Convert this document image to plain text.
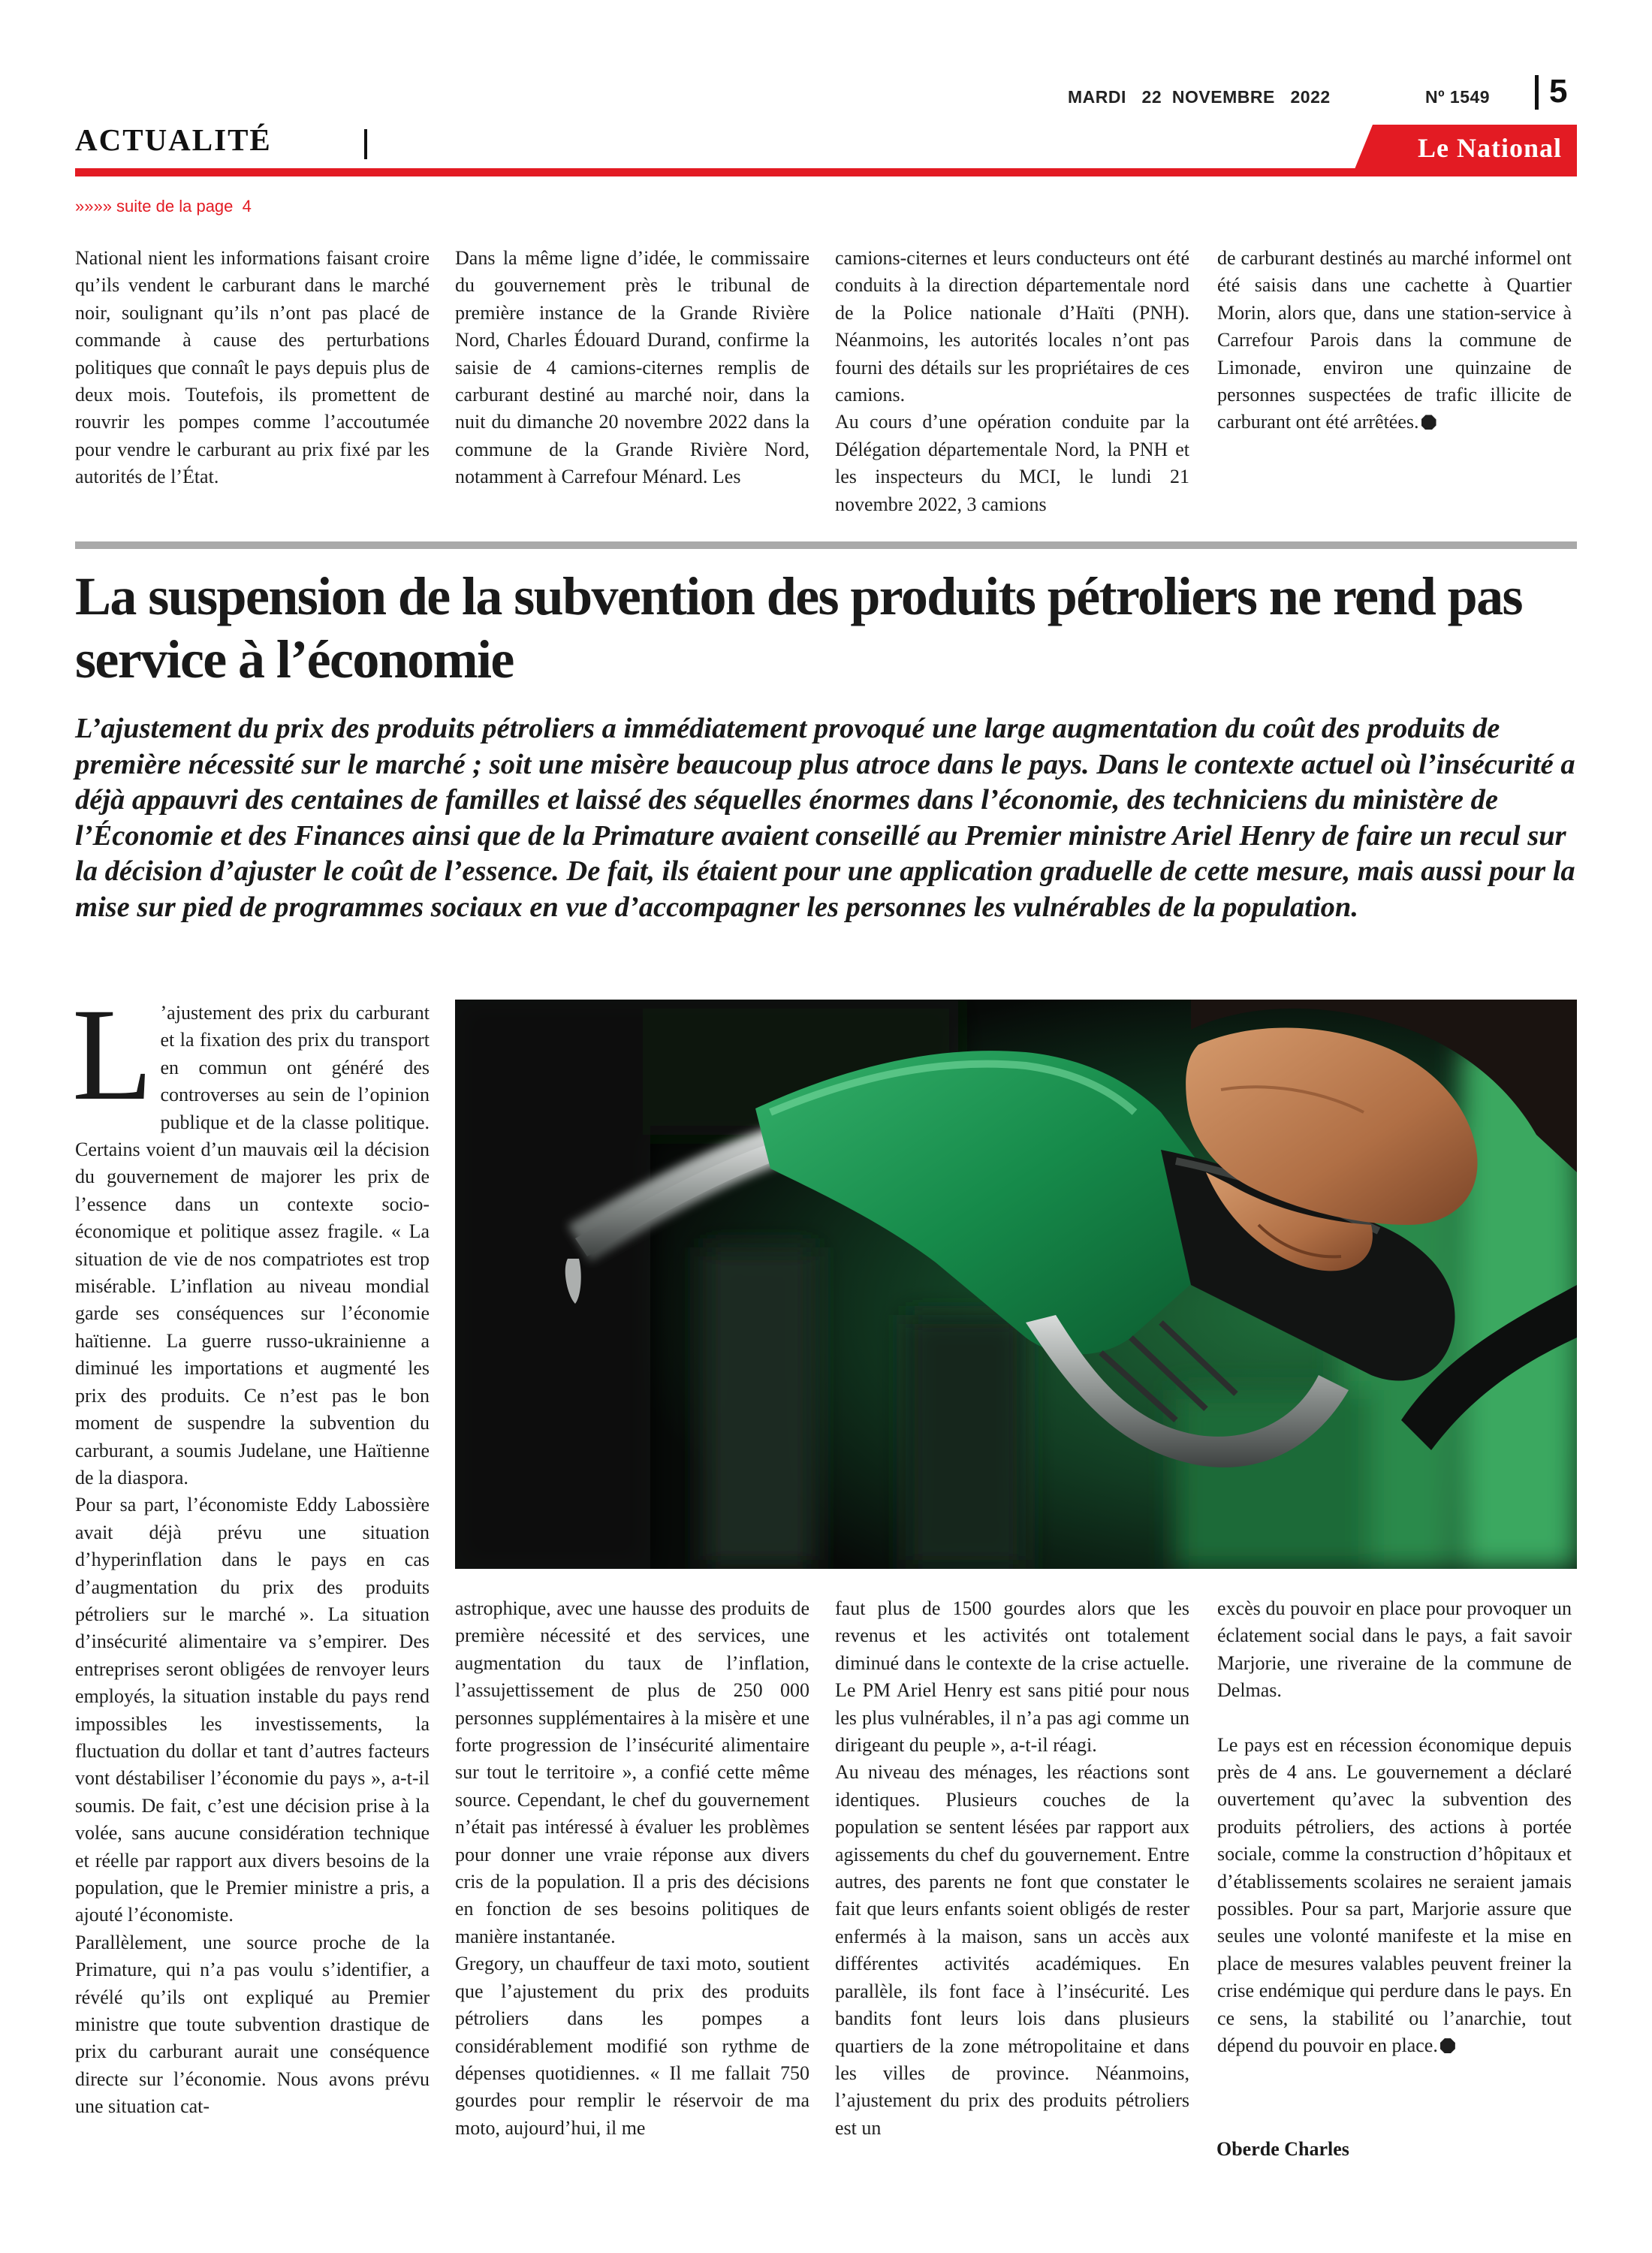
MARDI   22  NOVEMBRE   2022	Nº 1549 5
ACTUALITÉ	Le National
»»»» suite de la page  4

National nient les informations faisant croire qu’ils vendent le carburant dans le marché noir, soulignant qu’ils n’ont pas placé de commande à cause des perturbations politiques que connaît le pays depuis plus de deux mois. Toutefois, ils promettent de rouvrir les pompes comme l’accoutumée pour vendre le carburant au prix fixé par les autorités de l’État.

Dans la même ligne d’idée, le commissaire du gouvernement près le tribunal de première instance de la Grande Rivière Nord, Charles Édouard Durand, confirme la saisie de 4 camions-citernes remplis de carburant destiné au marché noir, dans la nuit du dimanche 20 novembre 2022 dans la commune de la Grande Rivière Nord, notamment à Carrefour Ménard. Les

camions-citernes et leurs conducteurs ont été conduits à la direction départementale nord de la Police nationale d’Haïti (PNH). Néanmoins, les autorités locales n’ont pas fourni des détails sur les propriétaires de ces camions.

Au cours d’une opération conduite par la Délégation départementale Nord, la PNH et les inspecteurs du MCI, le lundi 21 novembre 2022, 3 camions

de carburant destinés au marché informel ont été saisis dans une cachette à Quartier Morin, alors que, dans une station-service à Carrefour Parois dans la commune de Limonade, environ une quinzaine de personnes suspectées de trafic illicite de carburant ont été arrêtées.

La suspension de la subvention des produits pétroliers ne rend pas service à l’économie

L’ajustement du prix des produits pétroliers a immédiatement provoqué une large augmentation du coût des produits de première nécessité sur le marché ; soit une misère beaucoup plus atroce dans le pays. Dans le contexte actuel où l’insécurité a déjà appauvri des centaines de familles et laissé des séquelles énormes dans l’économie, des techniciens du ministère de l’Économie et des Finances ainsi que de la Primature avaient conseillé au Premier ministre Ariel Henry de faire un recul sur la décision d’ajuster le coût de l’essence. De fait, ils étaient pour une application graduelle de cette mesure, mais aussi pour la mise sur pied de programmes sociaux en vue d’accompagner les personnes les vulnérables de la population.

L ’ajustement des prix du carburant et la fixation des prix du transport en commun ont généré des controverses au sein de l’opinion publique et de la classe politique. Certains voient d’un mauvais œil la décision du gouvernement de majorer les prix de l’essence dans un contexte socio-économique et politique assez fragile. « La situation de vie de nos compatriotes est trop misérable. L’inflation au niveau mondial garde ses conséquences sur l’économie haïtienne. La guerre russo-ukrainienne a diminué les importations et augmenté les prix des produits. Ce n’est pas le bon moment de suspendre la subvention du carburant, a soumis Judelane, une Haïtienne de la diaspora.

Pour sa part, l’économiste Eddy Labossière avait déjà prévu une situation d’hyperinflation dans le pays en cas d’augmentation du prix des produits pétroliers sur le marché ». La situation d’insécurité alimentaire va s’empirer. Des entreprises seront obligées de renvoyer leurs employés, la situation instable du pays rend impossibles les investissements, la fluctuation du dollar et tant d’autres facteurs vont déstabiliser l’économie du pays », a-t-il soumis. De fait, c’est une décision prise à la volée, sans aucune considération technique et réelle par rapport aux divers besoins de la population, que le Premier ministre a pris, a ajouté l’économiste.

Parallèlement, une source proche de la Primature, qui n’a pas voulu s’identifier, a révélé qu’ils ont expliqué au Premier ministre que toute subvention drastique de prix du carburant aurait une conséquence directe sur l’économie. Nous avons prévu une situation cat-

astrophique, avec une hausse des produits de première nécessité et des services, une augmentation du taux de l’inflation, l’assujettissement de plus de 250 000 personnes supplémentaires à la misère et une forte progression de l’insécurité alimentaire sur tout le territoire », a confié cette même source. Cependant, le chef du gouvernement n’était pas intéressé à évaluer les problèmes pour donner une vraie réponse aux divers cris de la population. Il a pris des décisions en fonction de ses besoins politiques de manière instantanée.

Gregory, un chauffeur de taxi moto, soutient que l’ajustement du prix des produits pétroliers dans les pompes a considérablement modifié son rythme de dépenses quotidiennes. « Il me fallait 750 gourdes pour remplir le réservoir de ma moto, aujourd’hui, il me

faut plus de 1500 gourdes alors que les revenus et les activités ont totalement diminué dans le contexte de la crise actuelle. Le PM Ariel Henry est sans pitié pour nous les plus vulnérables, il n’a pas agi comme un dirigeant du peuple », a-t-il réagi.

Au niveau des ménages, les réactions sont identiques. Plusieurs couches de la population se sentent lésées par rapport aux agissements du chef du gouvernement. Entre autres, des parents ne font que constater le fait que leurs enfants soient obligés de rester enfermés à la maison, sans un accès aux différentes activités académiques. En parallèle, ils font face à l’insécurité. Les bandits font leurs lois dans plusieurs quartiers de la zone métropolitaine et dans les villes de province. Néanmoins, l’ajustement du prix des produits pétroliers est un

excès du pouvoir en place pour provoquer un éclatement social dans le pays, a fait savoir Marjorie, une riveraine de la commune de Delmas.

Le pays est en récession économique depuis près de 4 ans. Le gouvernement a déclaré ouvertement qu’avec la subvention des produits pétroliers, des actions à portée sociale, comme la construction d’hôpitaux et d’établissements scolaires ne seraient jamais possibles. Pour sa part, Marjorie assure que seules une volonté manifeste et la mise en place de mesures valables peuvent freiner la crise endémique qui perdure dans le pays. En ce sens, la stabilité ou l’anarchie, tout dépend du pouvoir en place.

Oberde Charles
